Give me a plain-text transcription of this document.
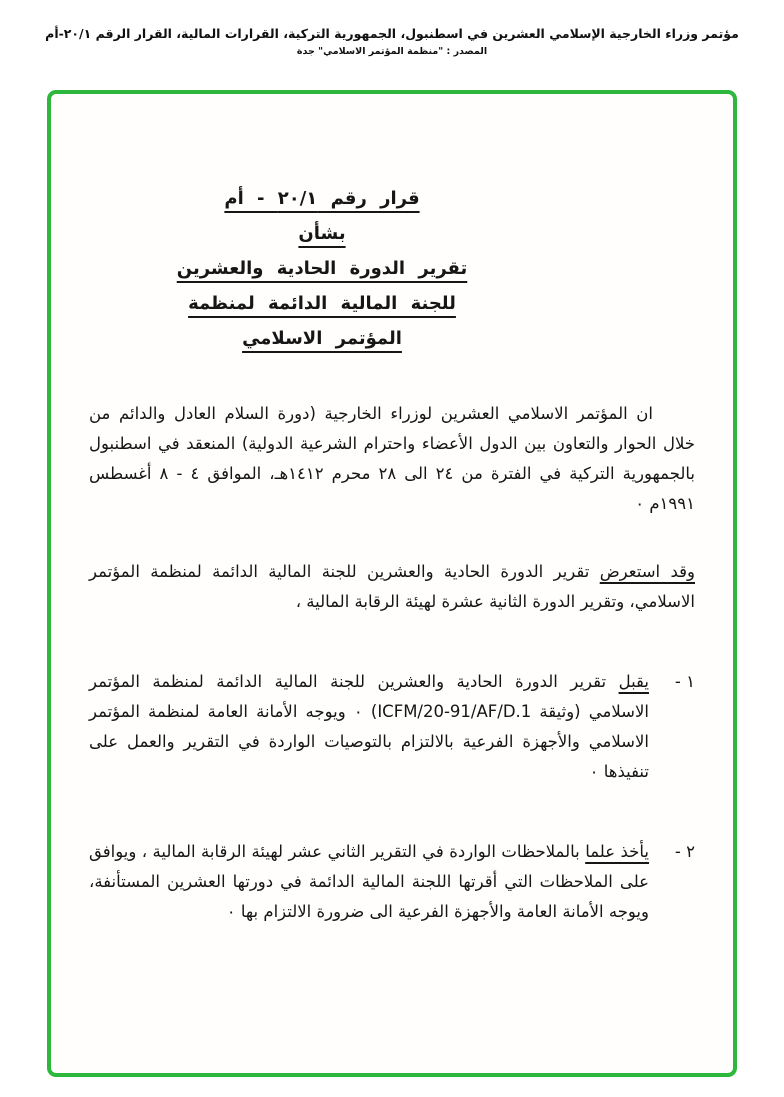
مؤتمر وزراء الخارجية الإسلامي العشرين في اسطنبول، الجمهورية التركية، القرارات المالية، القرار الرقم ٢٠/١-أم
المصدر : "منظمة المؤتمر الاسلامي" جدة
قرار رقم ٢٠/١ - أم
بشأن
تقرير الدورة الحادية والعشرين
للجنة المالية الدائمة لمنظمة
المؤتمر الاسلامي

ان المؤتمر الاسلامي العشرين لوزراء الخارجية (دورة السلام العادل والدائم من خلال الحوار والتعاون بين الدول الأعضاء واحترام الشرعية الدولية) المنعقد في اسطنبول بالجمهورية التركية في الفترة من ٢٤ الى ٢٨ محرم ١٤١٢هـ، الموافق ٤ - ٨ أغسطس ١٩٩١م ٠

وقد استعرض تقرير الدورة الحادية والعشرين للجنة المالية الدائمة لمنظمة المؤتمر الاسلامي، وتقرير الدورة الثانية عشرة لهيئة الرقابة المالية ،

١ -

يقبل تقرير الدورة الحادية والعشرين للجنة المالية الدائمة لمنظمة المؤتمر الاسلامي (وثيقة ICFM/20-91/AF/D.1) ٠ ويوجه الأمانة العامة لمنظمة المؤتمر الاسلامي والأجهزة الفرعية بالالتزام بالتوصيات الواردة في التقرير والعمل على تنفيذها ٠

٢ -

يأخذ علما بالملاحظات الواردة في التقرير الثاني عشر لهيئة الرقابة المالية ، ويوافق على الملاحظات التي أقرتها اللجنة المالية الدائمة في دورتها العشرين المستأنفة، ويوجه الأمانة العامة والأجهزة الفرعية الى ضرورة الالتزام بها ٠
